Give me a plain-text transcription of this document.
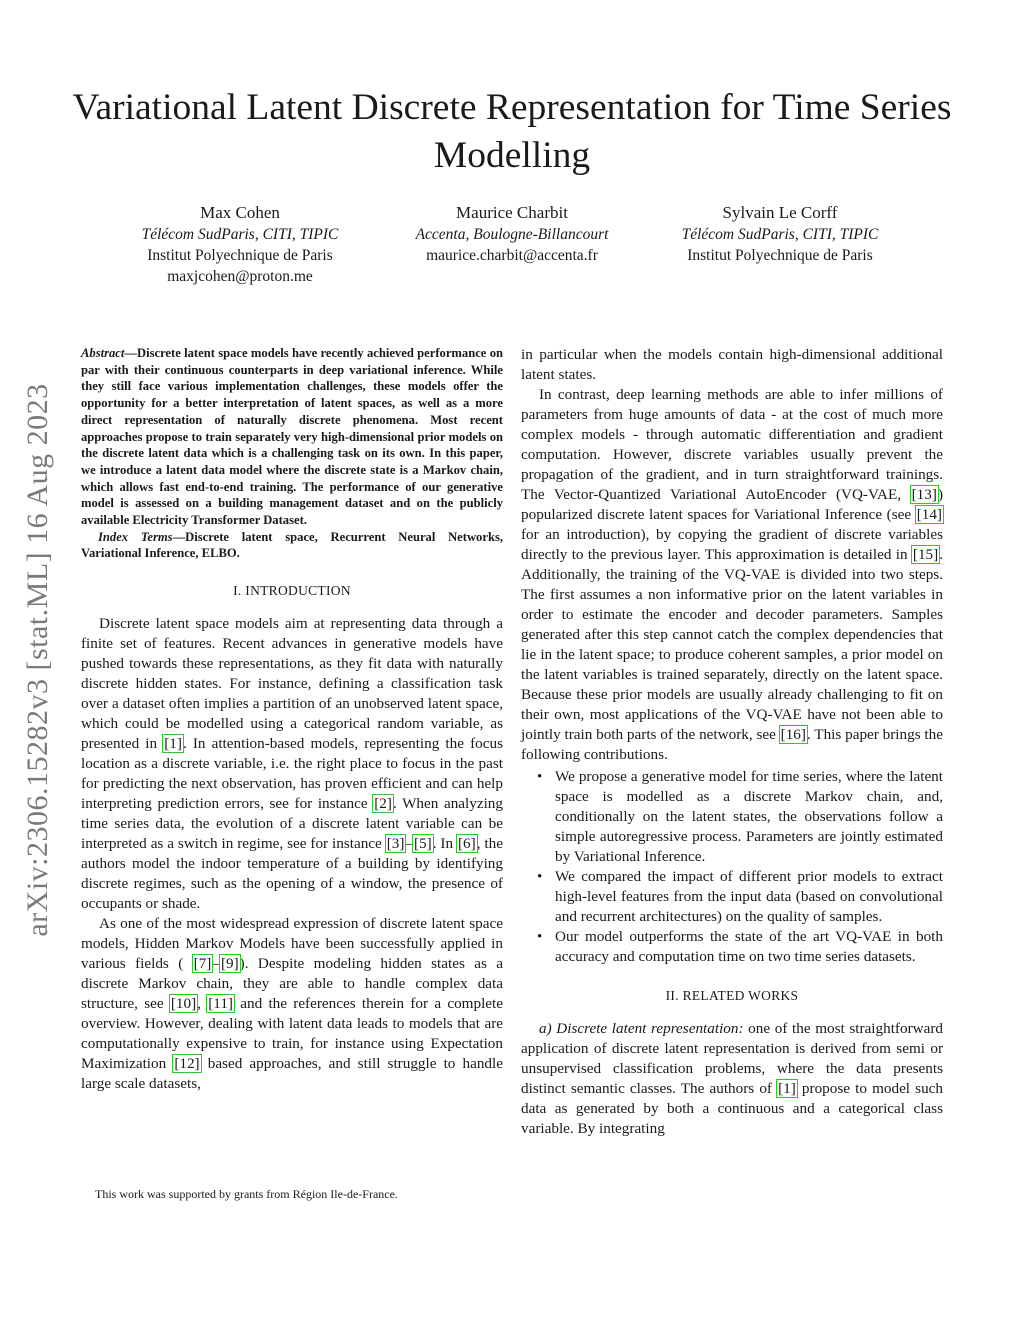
arXiv:2306.15282v3 [stat.ML] 16 Aug 2023
Variational Latent Discrete Representation for Time Series Modelling
Max Cohen
Télécom SudParis, CITI, TIPIC
Institut Polyechnique de Paris
maxjcohen@proton.me
Maurice Charbit
Accenta, Boulogne-Billancourt
maurice.charbit@accenta.fr
Sylvain Le Corff
Télécom SudParis, CITI, TIPIC
Institut Polyechnique de Paris

Abstract—Discrete latent space models have recently achieved performance on par with their continuous counterparts in deep variational inference. While they still face various implementation challenges, these models offer the opportunity for a better interpretation of latent spaces, as well as a more direct representation of naturally discrete phenomena. Most recent approaches propose to train separately very high-dimensional prior models on the discrete latent data which is a challenging task on its own. In this paper, we introduce a latent data model where the discrete state is a Markov chain, which allows fast end-to-end training. The performance of our generative model is assessed on a building management dataset and on the publicly available Electricity Transformer Dataset.

Index Terms—Discrete latent space, Recurrent Neural Networks, Variational Inference, ELBO.

I. INTRODUCTION

Discrete latent space models aim at representing data through a finite set of features. Recent advances in generative models have pushed towards these representations, as they fit data with naturally discrete hidden states. For instance, defining a classification task over a dataset often implies a partition of an unobserved latent space, which could be modelled using a categorical random variable, as presented in [1]. In attention-based models, representing the focus location as a discrete variable, i.e. the right place to focus in the past for predicting the next observation, has proven efficient and can help interpreting prediction errors, see for instance [2]. When analyzing time series data, the evolution of a discrete latent variable can be interpreted as a switch in regime, see for instance [3]–[5]. In [6], the authors model the indoor temperature of a building by identifying discrete regimes, such as the opening of a window, the presence of occupants or shade.

As one of the most widespread expression of discrete latent space models, Hidden Markov Models have been successfully applied in various fields ( [7]–[9]). Despite modeling hidden states as a discrete Markov chain, they are able to handle complex data structure, see [10], [11] and the references therein for a complete overview. However, dealing with latent data leads to models that are computationally expensive to train, for instance using Expectation Maximization [12] based approaches, and still struggle to handle large scale datasets,

This work was supported by grants from Région Ile-de-France.

in particular when the models contain high-dimensional additional latent states.

In contrast, deep learning methods are able to infer millions of parameters from huge amounts of data - at the cost of much more complex models - through automatic differentiation and gradient computation. However, discrete variables usually prevent the propagation of the gradient, and in turn straightforward trainings. The Vector-Quantized Variational AutoEncoder (VQ-VAE, [13]) popularized discrete latent spaces for Variational Inference (see [14] for an introduction), by copying the gradient of discrete variables directly to the previous layer. This approximation is detailed in [15]. Additionally, the training of the VQ-VAE is divided into two steps. The first assumes a non informative prior on the latent variables in order to estimate the encoder and decoder parameters. Samples generated after this step cannot catch the complex dependencies that lie in the latent space; to produce coherent samples, a prior model on the latent variables is trained separately, directly on the latent space. Because these prior models are usually already challenging to fit on their own, most applications of the VQ-VAE have not been able to jointly train both parts of the network, see [16]. This paper brings the following contributions.

• We propose a generative model for time series, where the latent space is modelled as a discrete Markov chain, and, conditionally on the latent states, the observations follow a simple autoregressive process. Parameters are jointly estimated by Variational Inference.
• We compared the impact of different prior models to extract high-level features from the input data (based on convolutional and recurrent architectures) on the quality of samples.
• Our model outperforms the state of the art VQ-VAE in both accuracy and computation time on two time series datasets.
II. RELATED WORKS

a) Discrete latent representation: one of the most straightforward application of discrete latent representation is derived from semi or unsupervised classification problems, where the data presents distinct semantic classes. The authors of [1] propose to model such data as generated by both a continuous and a categorical class variable. By integrating
